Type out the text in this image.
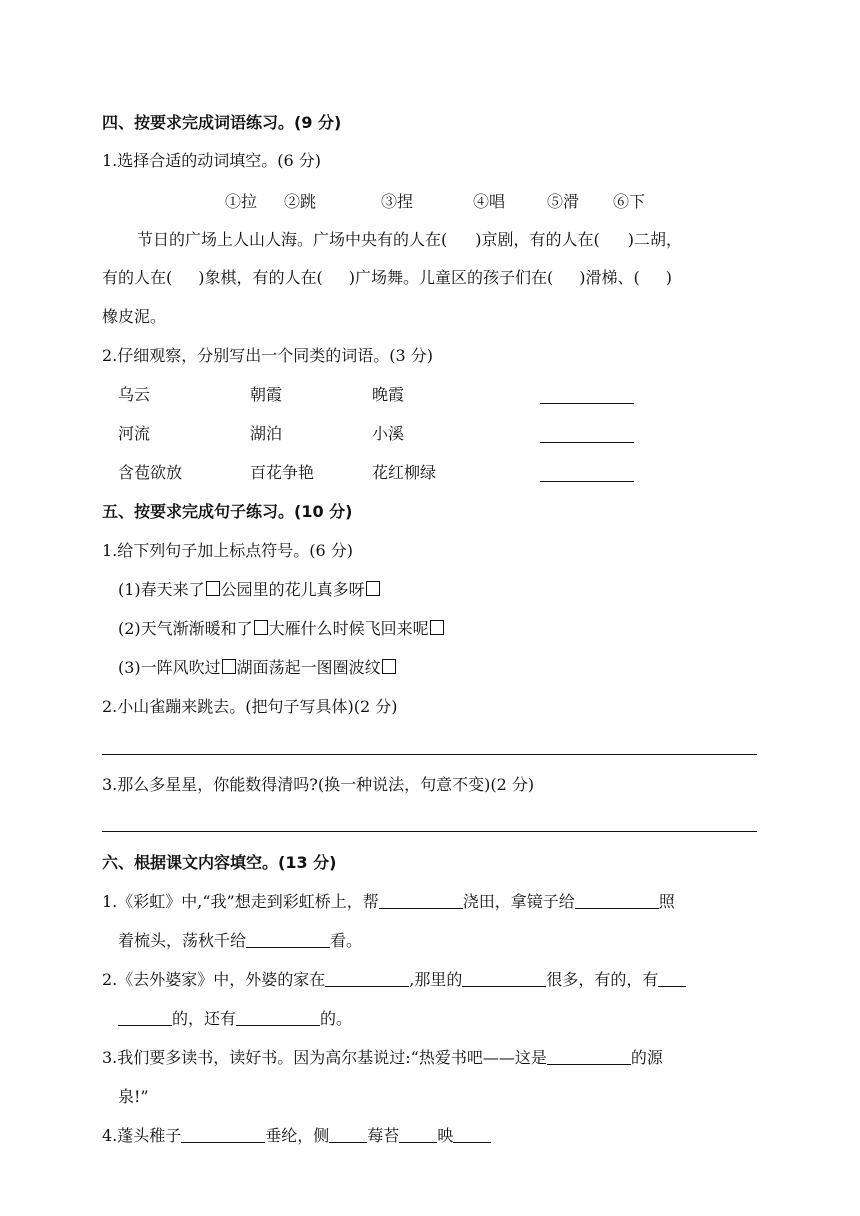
四、按要求完成词语练习。(9 分)
1.选择合适的动词填空。(6 分)
①拉 ②跳	③捏	④唱	⑤滑 ⑥下
节日的广场上人山人海。广场中央有的人在( )京剧，有的人在( )二胡，
有的人在( )象棋，有的人在( )广场舞。儿童区的孩子们在( )滑梯、( )
橡皮泥。
2.仔细观察，分别写出一个同类的词语。(3 分)
乌云	朝霞	晚霞
河流	湖泊	小溪
含苞欲放	百花争艳	花红柳绿
五、按要求完成句子练习。(10 分)
1.给下列句子加上标点符号。(6 分)
(1)春天来了 公园里的花儿真多呀
(2)天气渐渐暖和了 大雁什么时候飞回来呢
(3)一阵风吹过 湖面荡起一图圈波纹
2.小山雀蹦来跳去。(把句子写具体)(2 分)
3.那么多星星，你能数得清吗?(换一种说法，句意不变)(2 分)
六、根据课文内容填空。(13 分)
1.《彩虹》中,“我”想走到彩虹桥上，帮	浇田，拿镜子给	照
着梳头，荡秋千给	看。
2.《去外婆家》中，外婆的家在	,那里的	很多，有的，有
的，还有	的。
3.我们要多读书，读好书。因为高尔基说过:“热爱书吧——这是	的源
泉!”
4.蓬头稚子	垂纶，侧 莓苔 映
